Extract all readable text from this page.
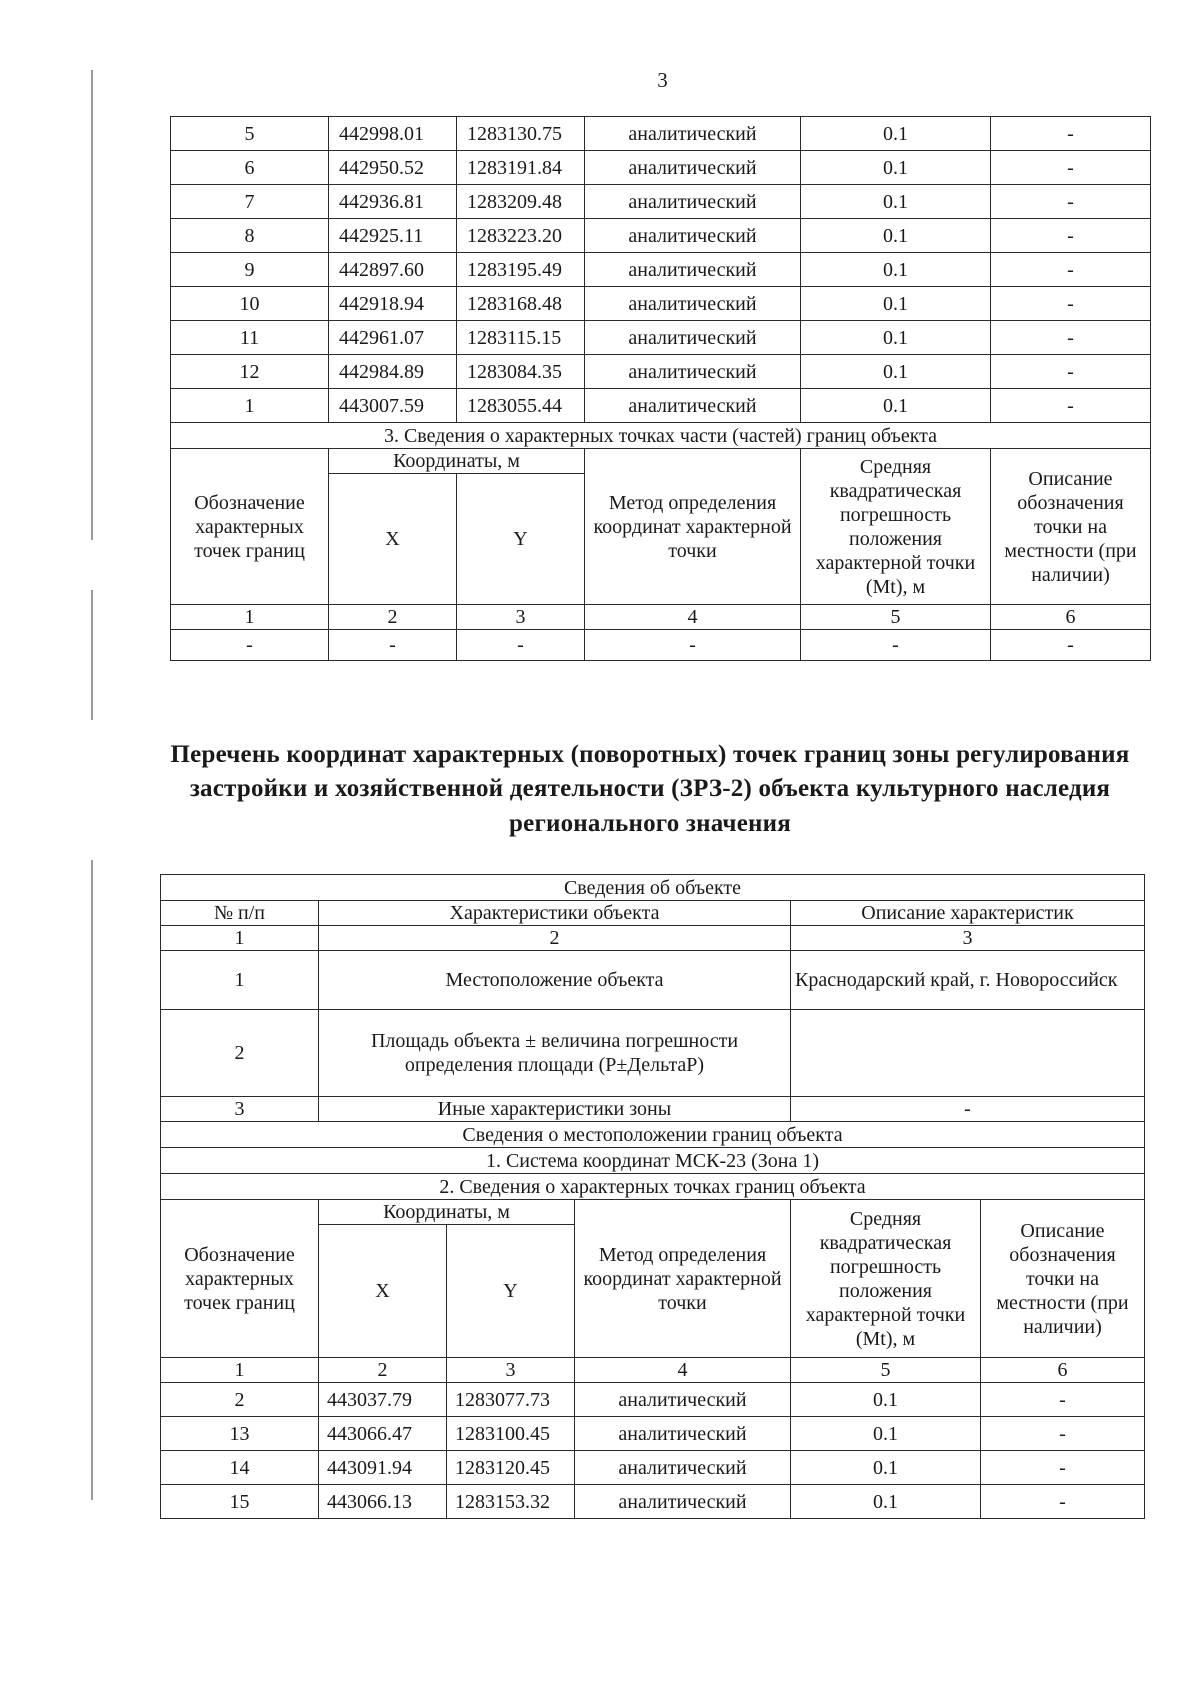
3
5	442998.01	1283130.75	аналитический	0.1	-
6	442950.52	1283191.84	аналитический	0.1	-
7	442936.81	1283209.48	аналитический	0.1	-
8	442925.11	1283223.20	аналитический	0.1	-
9	442897.60	1283195.49	аналитический	0.1	-
10	442918.94	1283168.48	аналитический	0.1	-
11	442961.07	1283115.15	аналитический	0.1	-
12	442984.89	1283084.35	аналитический	0.1	-
1	443007.59	1283055.44	аналитический	0.1	-
3. Сведения о характерных точках части (частей) границ объекта					
Обозначение характерных точек границ	Координаты, м		Метод определения координат характерной точки	Средняя квадратическая погрешность положения характерной точки (Mt), м	Описание обозначения точки на местности (при наличии)
	X	Y			
1	2	3	4	5	6
-	-	-	-	-	-
Перечень координат характерных (поворотных) точек границ зоны регулирования застройки и хозяйственной деятельности (ЗРЗ-2) объекта культурного наследия регионального значения
Сведения об объекте					
№ п/п	Характеристики объекта			Описание характеристик	
1	2			3	
1	Местоположение объекта			Краснодарский край, г. Новороссийск	
2	Площадь объекта ± величина погрешности определения площади (Р±ДельтаР)				
3	Иные характеристики зоны			-	
Сведения о местоположении границ объекта					
1. Система координат МСК-23 (Зона 1)					
2. Сведения о характерных точках границ объекта					
Обозначение характерных точек границ	Координаты, м		Метод определения координат характерной точки	Средняя квадратическая погрешность положения характерной точки (Mt), м	Описание обозначения точки на местности (при наличии)
	X	Y			
1	2	3	4	5	6
2	443037.79	1283077.73	аналитический	0.1	-
13	443066.47	1283100.45	аналитический	0.1	-
14	443091.94	1283120.45	аналитический	0.1	-
15	443066.13	1283153.32	аналитический	0.1	-
